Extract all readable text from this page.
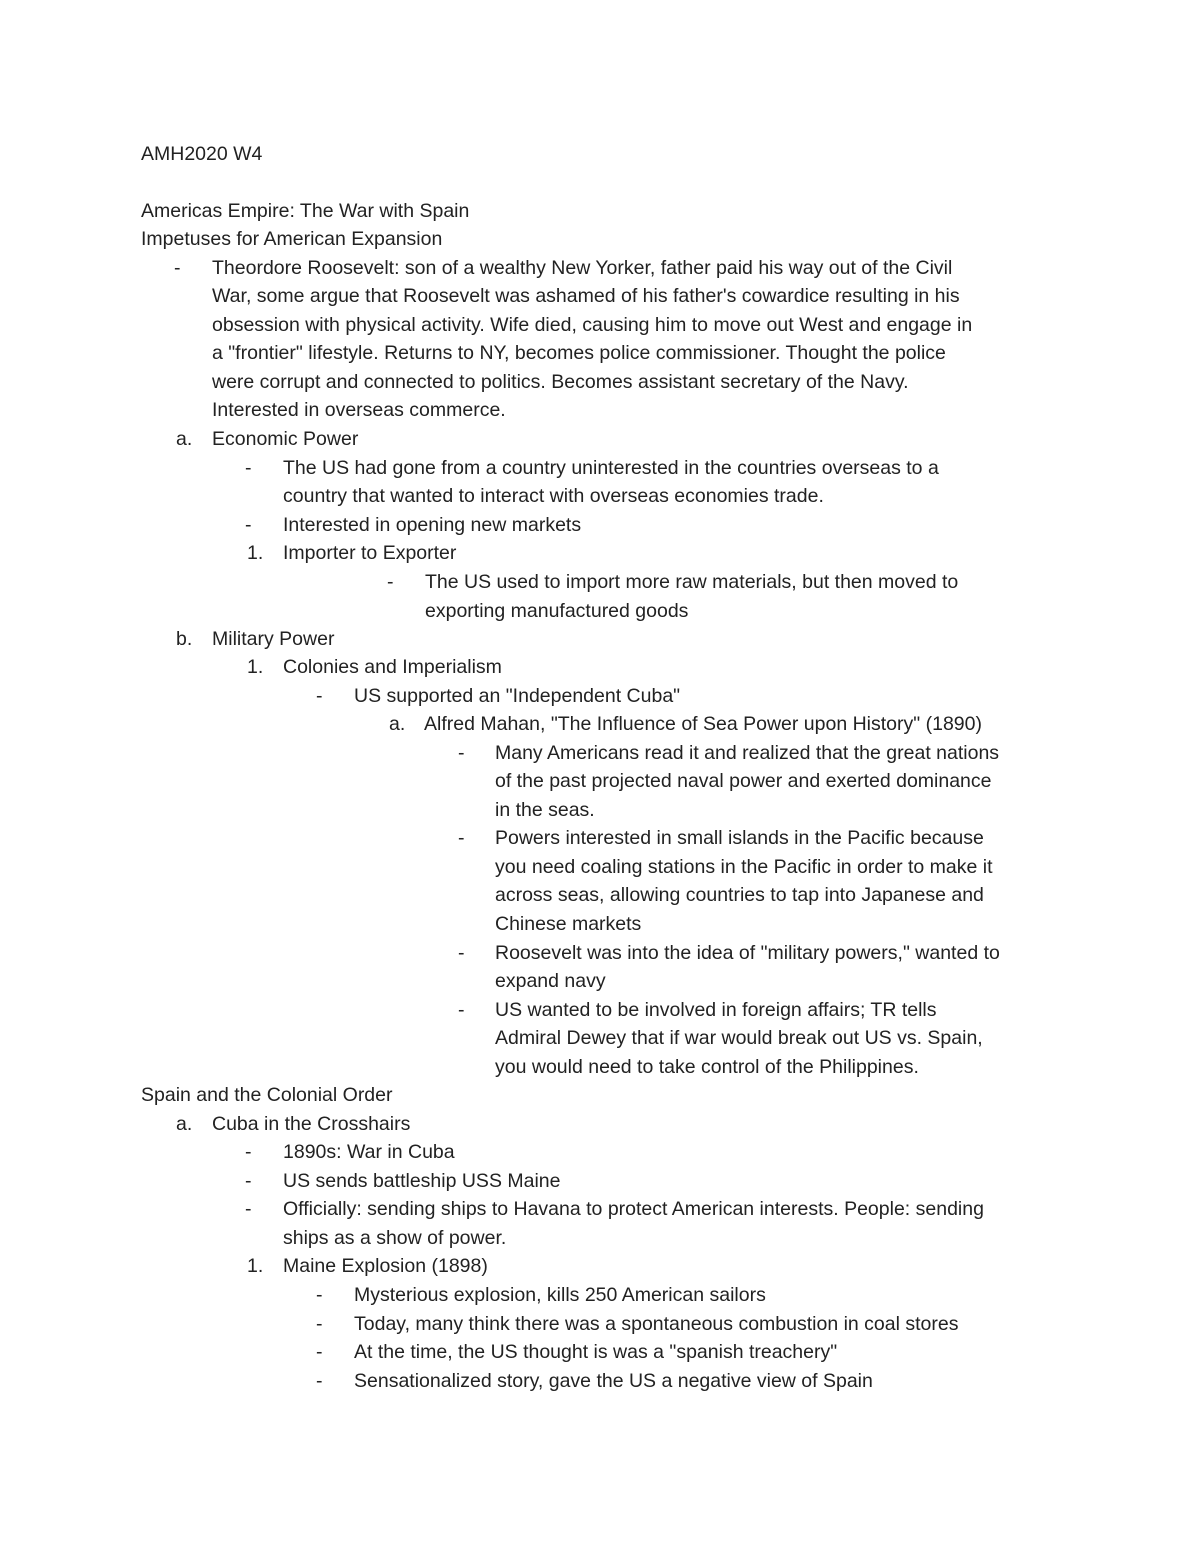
AMH2020 W4
Americas Empire: The War with Spain
Impetuses for American Expansion
- Theordore Roosevelt: son of a wealthy New Yorker, father paid his way out of the Civil
War, some argue that Roosevelt was ashamed of his father's cowardice resulting in his
obsession with physical activity. Wife died, causing him to move out West and engage in
a "frontier" lifestyle. Returns to NY, becomes police commissioner. Thought the police
were corrupt and connected to politics. Becomes assistant secretary of the Navy.
Interested in overseas commerce.
a. Economic Power
- The US had gone from a country uninterested in the countries overseas to a
country that wanted to interact with overseas economies trade.
- Interested in opening new markets
1. Importer to Exporter
- The US used to import more raw materials, but then moved to
exporting manufactured goods
b. Military Power
1. Colonies and Imperialism
- US supported an "Independent Cuba"
a. Alfred Mahan, "The Influence of Sea Power upon History" (1890)
- Many Americans read it and realized that the great nations
of the past projected naval power and exerted dominance
in the seas.
- Powers interested in small islands in the Pacific because
you need coaling stations in the Pacific in order to make it
across seas, allowing countries to tap into Japanese and
Chinese markets
- Roosevelt was into the idea of "military powers," wanted to
expand navy
- US wanted to be involved in foreign affairs; TR tells
Admiral Dewey that if war would break out US vs. Spain,
you would need to take control of the Philippines.
Spain and the Colonial Order
a. Cuba in the Crosshairs
- 1890s: War in Cuba
- US sends battleship USS Maine
- Officially: sending ships to Havana to protect American interests. People: sending
ships as a show of power.
1. Maine Explosion (1898)
- Mysterious explosion, kills 250 American sailors
- Today, many think there was a spontaneous combustion in coal stores
- At the time, the US thought is was a "spanish treachery"
- Sensationalized story, gave the US a negative view of Spain
